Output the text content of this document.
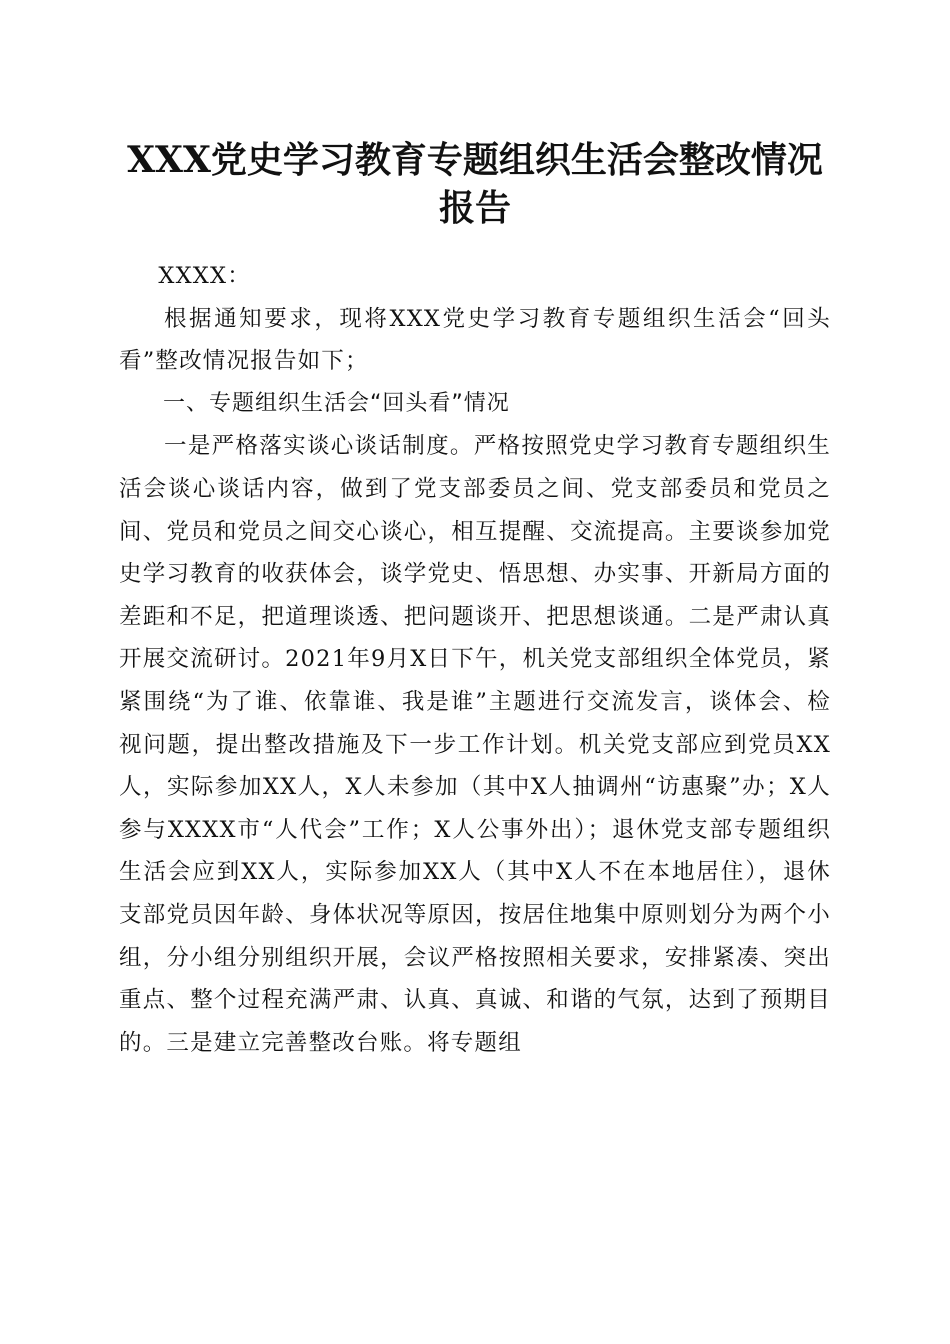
XXX党史学习教育专题组织生活会整改情况
报告

XXXX：

根据通知要求，现将XXX党史学习教育专题组织生活会“回头看”整改情况报告如下；

一、专题组织生活会“回头看”情况

一是严格落实谈心谈话制度。严格按照党史学习教育专题组织生活会谈心谈话内容，做到了党支部委员之间、党支部委员和党员之间、党员和党员之间交心谈心，相互提醒、交流提高。主要谈参加党史学习教育的收获体会，谈学党史、悟思想、办实事、开新局方面的差距和不足，把道理谈透、把问题谈开、把思想谈通。二是严肃认真开展交流研讨。2021年9月X日下午，机关党支部组织全体党员，紧紧围绕“为了谁、依靠谁、我是谁”主题进行交流发言，谈体会、检视问题，提出整改措施及下一步工作计划。机关党支部应到党员XX人，实际参加XX人，X人未参加（其中X人抽调州“访惠聚”办；X人参与XXXX市“人代会”工作；X人公事外出）；退休党支部专题组织生活会应到XX人，实际参加XX人（其中X人不在本地居住），退休支部党员因年龄、身体状况等原因，按居住地集中原则划分为两个小组，分小组分别组织开展，会议严格按照相关要求，安排紧凑、突出重点、整个过程充满严肃、认真、真诚、和谐的气氛，达到了预期目的。三是建立完善整改台账。将专题组
